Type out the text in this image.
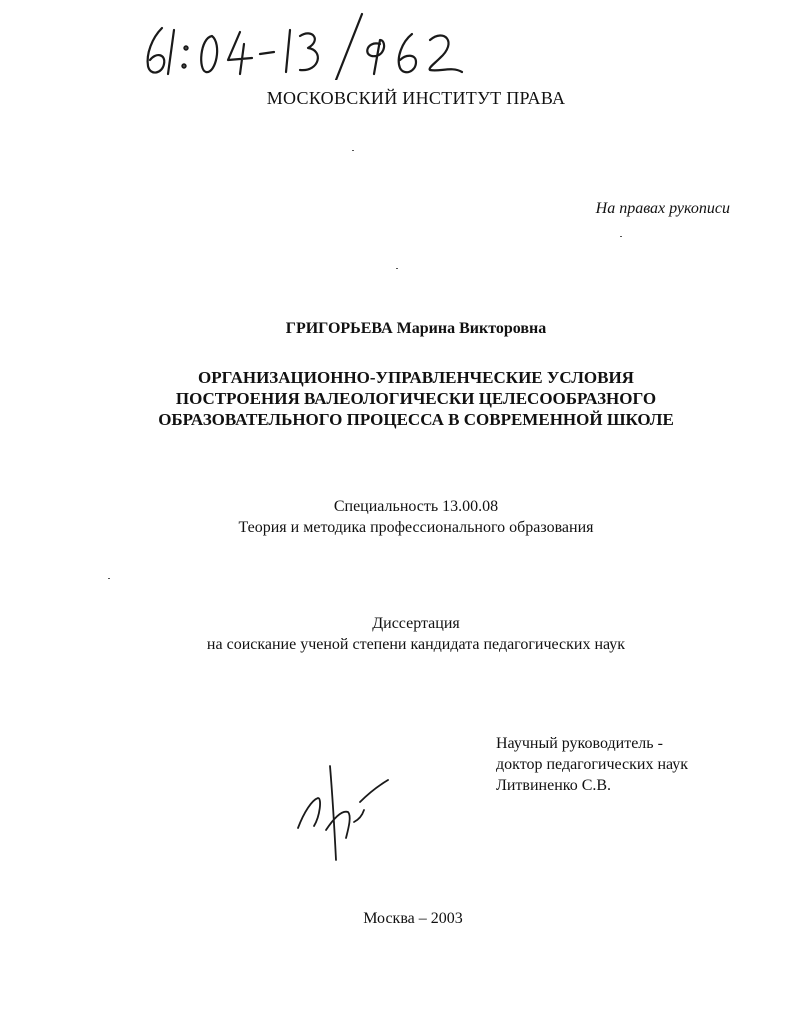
МОСКОВСКИЙ ИНСТИТУТ ПРАВА
На правах рукописи
ГРИГОРЬЕВА Марина Викторовна
ОРГАНИЗАЦИОННО-УПРАВЛЕНЧЕСКИЕ УСЛОВИЯ
ПОСТРОЕНИЯ ВАЛЕОЛОГИЧЕСКИ ЦЕЛЕСООБРАЗНОГО
ОБРАЗОВАТЕЛЬНОГО ПРОЦЕССА В СОВРЕМЕННОЙ ШКОЛЕ
Специальность 13.00.08
Теория и методика профессионального образования
Диссертация
на соискание ученой степени кандидата педагогических наук
Научный руководитель -
доктор педагогических наук
Литвиненко С.В.
Москва – 2003
